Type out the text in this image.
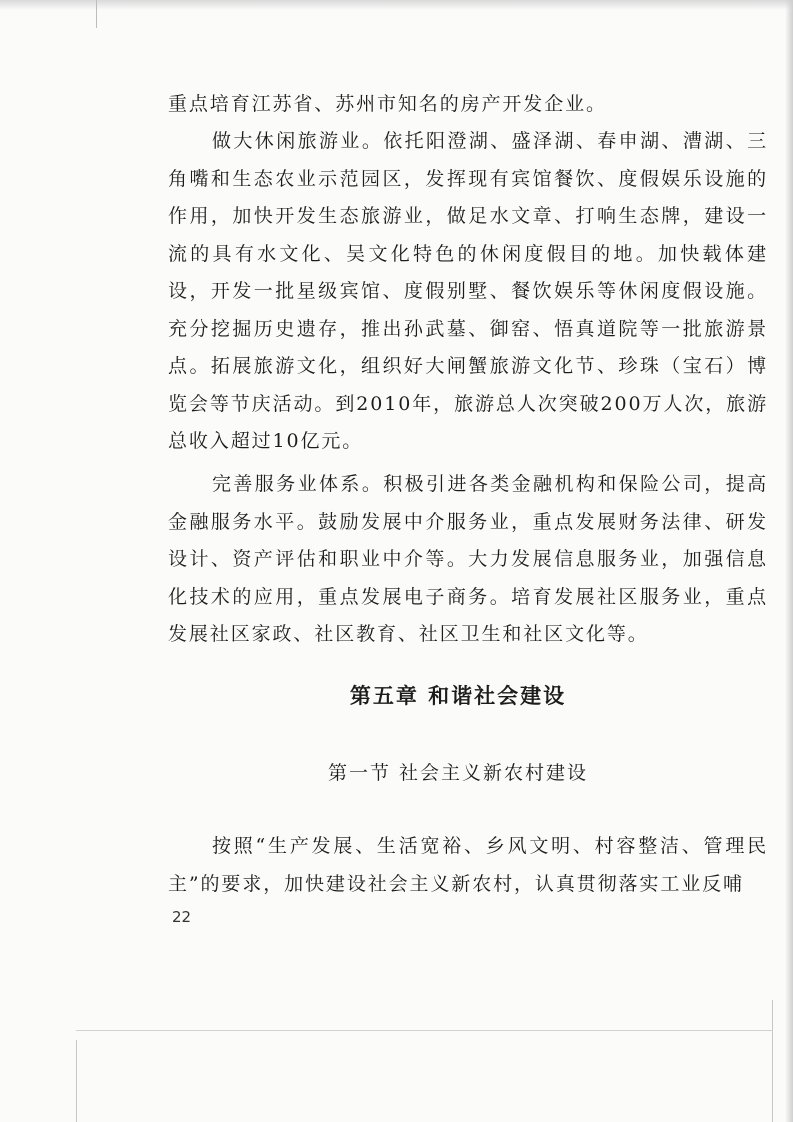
重点培育江苏省、苏州市知名的房产开发企业。

做大休闲旅游业。依托阳澄湖、盛泽湖、春申湖、漕湖、三角嘴和生态农业示范园区，发挥现有宾馆餐饮、度假娱乐设施的作用，加快开发生态旅游业，做足水文章、打响生态牌，建设一流的具有水文化、吴文化特色的休闲度假目的地。加快载体建设，开发一批星级宾馆、度假别墅、餐饮娱乐等休闲度假设施。充分挖掘历史遗存，推出孙武墓、御窑、悟真道院等一批旅游景点。拓展旅游文化，组织好大闸蟹旅游文化节、珍珠（宝石）博览会等节庆活动。到2010年，旅游总人次突破200万人次，旅游总收入超过10亿元。

完善服务业体系。积极引进各类金融机构和保险公司，提高金融服务水平。鼓励发展中介服务业，重点发展财务法律、研发设计、资产评估和职业中介等。大力发展信息服务业，加强信息化技术的应用，重点发展电子商务。培育发展社区服务业，重点发展社区家政、社区教育、社区卫生和社区文化等。

第五章 和谐社会建设
第一节 社会主义新农村建设

按照“生产发展、生活宽裕、乡风文明、村容整洁、管理民主”的要求，加快建设社会主义新农村，认真贯彻落实工业反哺

22
